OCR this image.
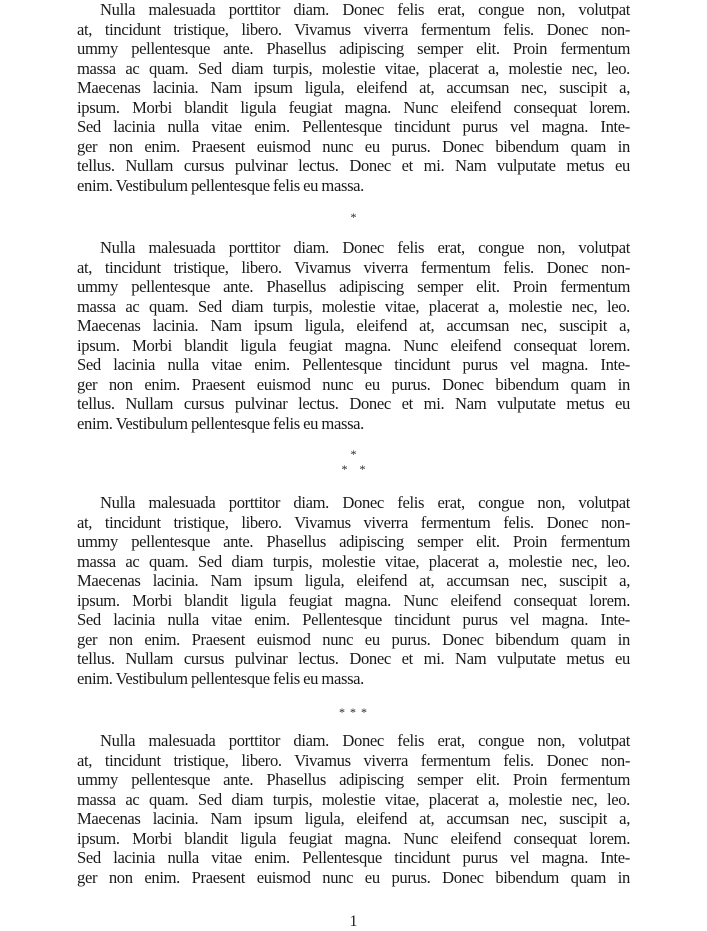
Nulla malesuada porttitor diam. Donec felis erat, congue non, volutpat
at, tincidunt tristique, libero. Vivamus viverra fermentum felis. Donec non-
ummy pellentesque ante. Phasellus adipiscing semper elit. Proin fermentum
massa ac quam. Sed diam turpis, molestie vitae, placerat a, molestie nec, leo.
Maecenas lacinia. Nam ipsum ligula, eleifend at, accumsan nec, suscipit a,
ipsum. Morbi blandit ligula feugiat magna. Nunc eleifend consequat lorem.
Sed lacinia nulla vitae enim. Pellentesque tincidunt purus vel magna. Inte-
ger non enim. Praesent euismod nunc eu purus. Donec bibendum quam in
tellus. Nullam cursus pulvinar lectus. Donec et mi. Nam vulputate metus eu
enim. Vestibulum pellentesque felis eu massa.
*
Nulla malesuada porttitor diam. Donec felis erat, congue non, volutpat
at, tincidunt tristique, libero. Vivamus viverra fermentum felis. Donec non-
ummy pellentesque ante. Phasellus adipiscing semper elit. Proin fermentum
massa ac quam. Sed diam turpis, molestie vitae, placerat a, molestie nec, leo.
Maecenas lacinia. Nam ipsum ligula, eleifend at, accumsan nec, suscipit a,
ipsum. Morbi blandit ligula feugiat magna. Nunc eleifend consequat lorem.
Sed lacinia nulla vitae enim. Pellentesque tincidunt purus vel magna. Inte-
ger non enim. Praesent euismod nunc eu purus. Donec bibendum quam in
tellus. Nullam cursus pulvinar lectus. Donec et mi. Nam vulputate metus eu
enim. Vestibulum pellentesque felis eu massa.
*
*    *
Nulla malesuada porttitor diam. Donec felis erat, congue non, volutpat
at, tincidunt tristique, libero. Vivamus viverra fermentum felis. Donec non-
ummy pellentesque ante. Phasellus adipiscing semper elit. Proin fermentum
massa ac quam. Sed diam turpis, molestie vitae, placerat a, molestie nec, leo.
Maecenas lacinia. Nam ipsum ligula, eleifend at, accumsan nec, suscipit a,
ipsum. Morbi blandit ligula feugiat magna. Nunc eleifend consequat lorem.
Sed lacinia nulla vitae enim. Pellentesque tincidunt purus vel magna. Inte-
ger non enim. Praesent euismod nunc eu purus. Donec bibendum quam in
tellus. Nullam cursus pulvinar lectus. Donec et mi. Nam vulputate metus eu
enim. Vestibulum pellentesque felis eu massa.
* * *
Nulla malesuada porttitor diam. Donec felis erat, congue non, volutpat
at, tincidunt tristique, libero. Vivamus viverra fermentum felis. Donec non-
ummy pellentesque ante. Phasellus adipiscing semper elit. Proin fermentum
massa ac quam. Sed diam turpis, molestie vitae, placerat a, molestie nec, leo.
Maecenas lacinia. Nam ipsum ligula, eleifend at, accumsan nec, suscipit a,
ipsum. Morbi blandit ligula feugiat magna. Nunc eleifend consequat lorem.
Sed lacinia nulla vitae enim. Pellentesque tincidunt purus vel magna. Inte-
ger non enim. Praesent euismod nunc eu purus. Donec bibendum quam in
1
